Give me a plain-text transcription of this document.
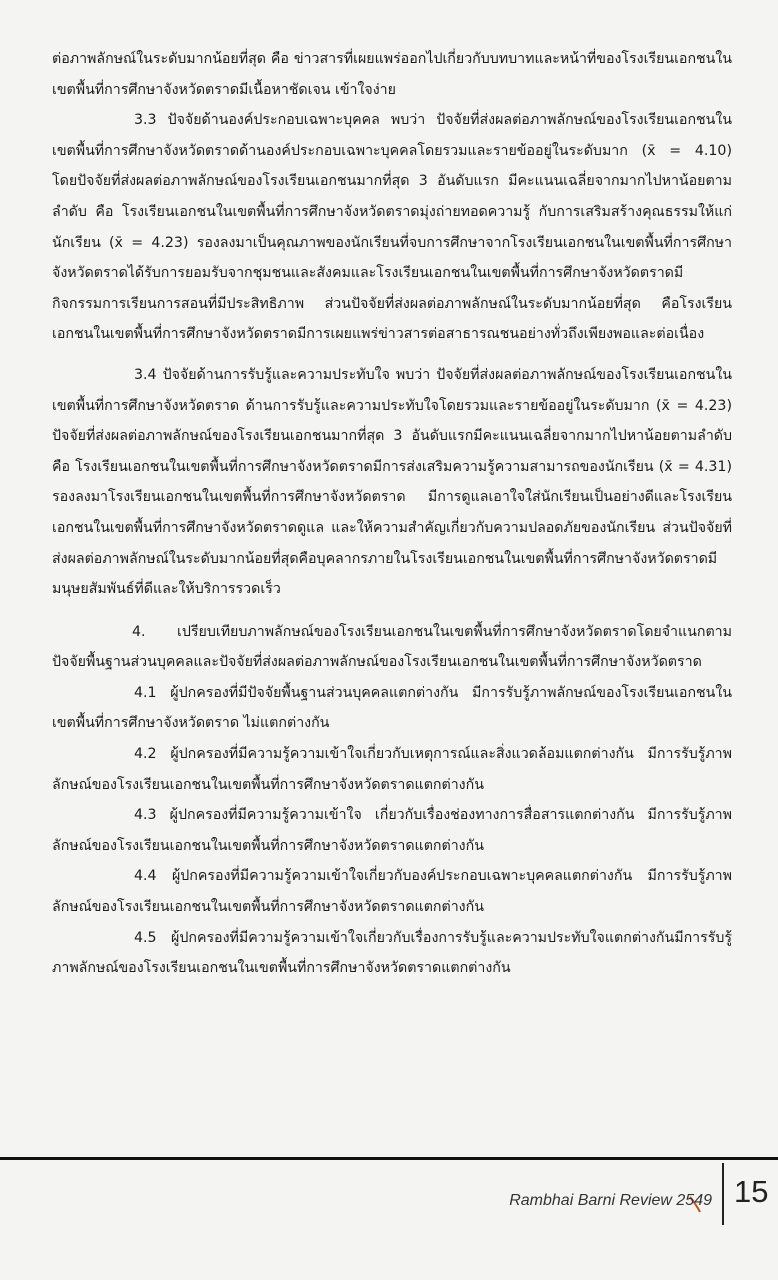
ต่อภาพลักษณ์ในระดับมากน้อยที่สุด คือ ข่าวสารที่เผยแพร่ออกไปเกี่ยวกับบทบาทและหน้าที่ของโรงเรียนเอกชนในเขตพื้นที่การศึกษาจังหวัดตราดมีเนื้อหาชัดเจน เข้าใจง่าย

3.3 ปัจจัยด้านองค์ประกอบเฉพาะบุคคล พบว่า ปัจจัยที่ส่งผลต่อภาพลักษณ์ของโรงเรียนเอกชนในเขตพื้นที่การศึกษาจังหวัดตราดด้านองค์ประกอบเฉพาะบุคคลโดยรวมและรายข้ออยู่ในระดับมาก (x̄ = 4.10) โดยปัจจัยที่ส่งผลต่อภาพลักษณ์ของโรงเรียนเอกชนมากที่สุด 3 อันดับแรก มีคะแนนเฉลี่ยจากมากไปหาน้อยตามลำดับ คือ โรงเรียนเอกชนในเขตพื้นที่การศึกษาจังหวัดตราดมุ่งถ่ายทอดความรู้ กับการเสริมสร้างคุณธรรมให้แก่นักเรียน (x̄ = 4.23) รองลงมาเป็นคุณภาพของนักเรียนที่จบการศึกษาจากโรงเรียนเอกชนในเขตพื้นที่การศึกษาจังหวัดตราดได้รับการยอมรับจากชุมชนและสังคมและโรงเรียนเอกชนในเขตพื้นที่การศึกษาจังหวัดตราดมีกิจกรรมการเรียนการสอนที่มีประสิทธิภาพ ส่วนปัจจัยที่ส่งผลต่อภาพลักษณ์ในระดับมากน้อยที่สุด คือโรงเรียนเอกชนในเขตพื้นที่การศึกษาจังหวัดตราดมีการเผยแพร่ข่าวสารต่อสาธารณชนอย่างทั่วถึงเพียงพอและต่อเนื่อง

3.4 ปัจจัยด้านการรับรู้และความประทับใจ พบว่า ปัจจัยที่ส่งผลต่อภาพลักษณ์ของโรงเรียนเอกชนในเขตพื้นที่การศึกษาจังหวัดตราด ด้านการรับรู้และความประทับใจโดยรวมและรายข้ออยู่ในระดับมาก (x̄ = 4.23) ปัจจัยที่ส่งผลต่อภาพลักษณ์ของโรงเรียนเอกชนมากที่สุด 3 อันดับแรกมีคะแนนเฉลี่ยจากมากไปหาน้อยตามลำดับ คือ โรงเรียนเอกชนในเขตพื้นที่การศึกษาจังหวัดตราดมีการส่งเสริมความรู้ความสามารถของนักเรียน (x̄ = 4.31) รองลงมาโรงเรียนเอกชนในเขตพื้นที่การศึกษาจังหวัดตราด มีการดูแลเอาใจใส่นักเรียนเป็นอย่างดีและโรงเรียนเอกชนในเขตพื้นที่การศึกษาจังหวัดตราดดูแล และให้ความสำคัญเกี่ยวกับความปลอดภัยของนักเรียน ส่วนปัจจัยที่ส่งผลต่อภาพลักษณ์ในระดับมากน้อยที่สุดคือบุคลากรภายในโรงเรียนเอกชนในเขตพื้นที่การศึกษาจังหวัดตราดมีมนุษยสัมพันธ์ที่ดีและให้บริการรวดเร็ว

4. เปรียบเทียบภาพลักษณ์ของโรงเรียนเอกชนในเขตพื้นที่การศึกษาจังหวัดตราดโดยจำแนกตามปัจจัยพื้นฐานส่วนบุคคลและปัจจัยที่ส่งผลต่อภาพลักษณ์ของโรงเรียนเอกชนในเขตพื้นที่การศึกษาจังหวัดตราด

4.1 ผู้ปกครองที่มีปัจจัยพื้นฐานส่วนบุคคลแตกต่างกัน มีการรับรู้ภาพลักษณ์ของโรงเรียนเอกชนในเขตพื้นที่การศึกษาจังหวัดตราด ไม่แตกต่างกัน

4.2 ผู้ปกครองที่มีความรู้ความเข้าใจเกี่ยวกับเหตุการณ์และสิ่งแวดล้อมแตกต่างกัน มีการรับรู้ภาพลักษณ์ของโรงเรียนเอกชนในเขตพื้นที่การศึกษาจังหวัดตราดแตกต่างกัน

4.3 ผู้ปกครองที่มีความรู้ความเข้าใจ เกี่ยวกับเรื่องช่องทางการสื่อสารแตกต่างกัน มีการรับรู้ภาพลักษณ์ของโรงเรียนเอกชนในเขตพื้นที่การศึกษาจังหวัดตราดแตกต่างกัน

4.4 ผู้ปกครองที่มีความรู้ความเข้าใจเกี่ยวกับองค์ประกอบเฉพาะบุคคลแตกต่างกัน มีการรับรู้ภาพลักษณ์ของโรงเรียนเอกชนในเขตพื้นที่การศึกษาจังหวัดตราดแตกต่างกัน

4.5 ผู้ปกครองที่มีความรู้ความเข้าใจเกี่ยวกับเรื่องการรับรู้และความประทับใจแตกต่างกันมีการรับรู้ภาพลักษณ์ของโรงเรียนเอกชนในเขตพื้นที่การศึกษาจังหวัดตราดแตกต่างกัน

Rambhai Barni Review 2549 15
